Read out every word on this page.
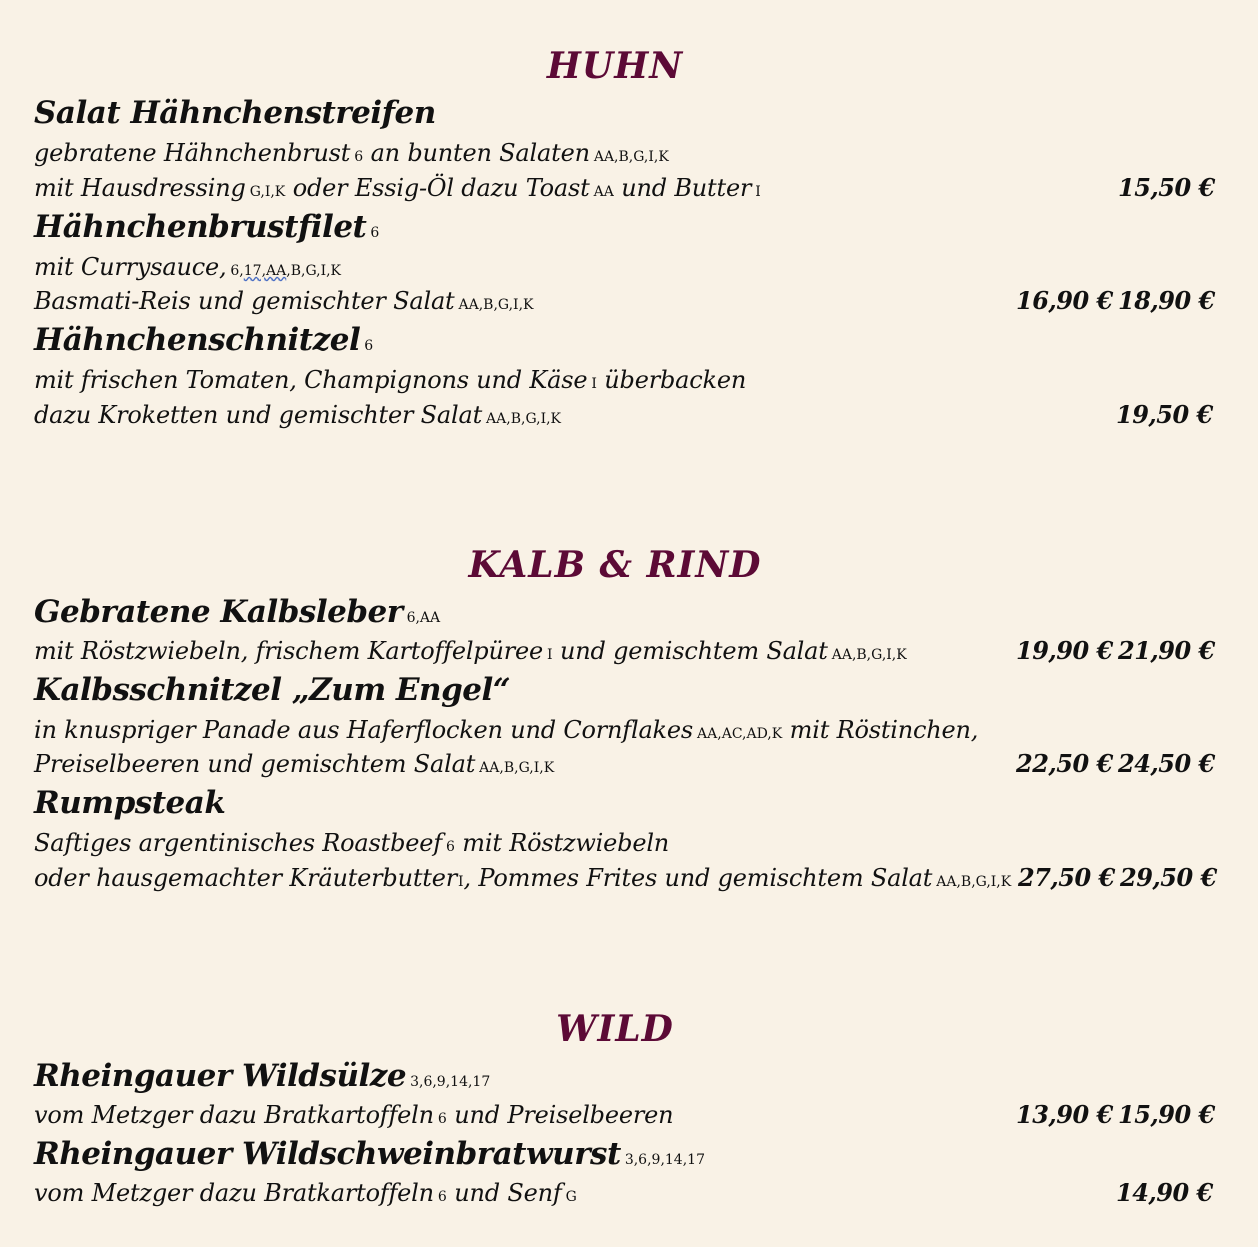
HUHN
Salat Hähnchenstreifen
gebratene Hähnchenbrust 6 an bunten Salaten AA,B,G,I,K
mit Hausdressing G,I,K oder Essig-Öl dazu Toast AA und Butter I	15,50 €
Hähnchenbrustfilet 6
mit Currysauce, 6,17,AA,B,G,I,K
Basmati-Reis und gemischter Salat AA,B,G,I,K	16,90 € 18,90 €
Hähnchenschnitzel 6
mit frischen Tomaten, Champignons und Käse I überbacken
dazu Kroketten und gemischter Salat AA,B,G,I,K	19,50 €
KALB & RIND
Gebratene Kalbsleber 6,AA
mit Röstzwiebeln, frischem Kartoffelpüree I und gemischtem Salat AA,B,G,I,K	19,90 € 21,90 €
Kalbsschnitzel „Zum Engel“
in knuspriger Panade aus Haferflocken und Cornflakes AA,AC,AD,K mit Röstinchen,
Preiselbeeren und gemischtem Salat AA,B,G,I,K	22,50 € 24,50 €
Rumpsteak
Saftiges argentinisches Roastbeef 6 mit Röstzwiebeln
oder hausgemachter KräuterbutterI, Pommes Frites und gemischtem Salat AA,B,G,I,K 27,50 € 29,50 €
WILD
Rheingauer Wildsülze 3,6,9,14,17
vom Metzger dazu Bratkartoffeln 6 und Preiselbeeren	13,90 € 15,90 €
Rheingauer Wildschweinbratwurst 3,6,9,14,17
vom Metzger dazu Bratkartoffeln 6 und Senf G	14,90 €
